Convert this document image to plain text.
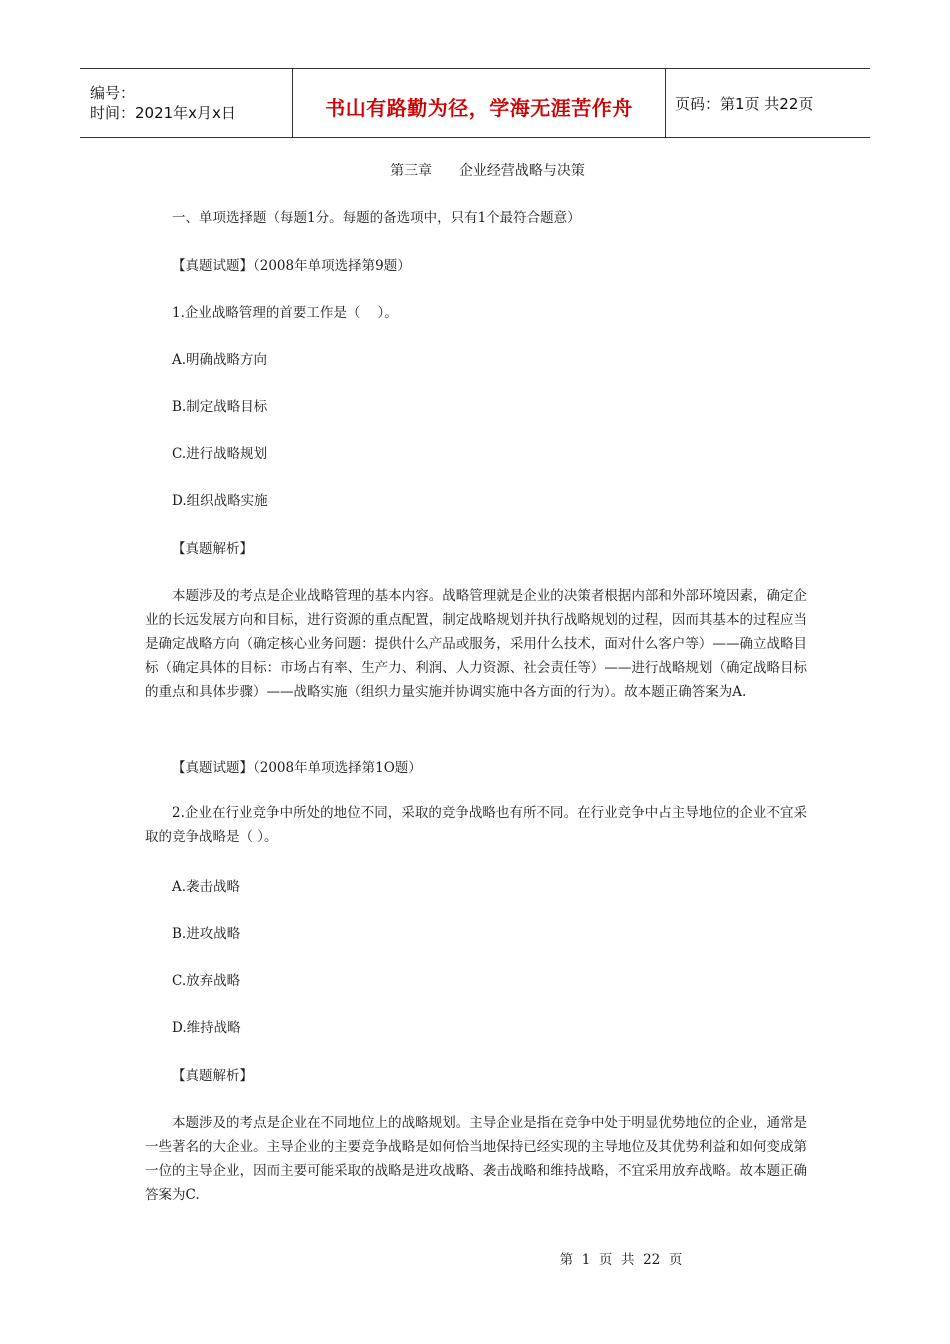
编号：
时间：2021年x月x日	书山有路勤为径，学海无涯苦作舟	页码：第1页 共22页
第三章      企业经营战略与决策
一、单项选择题（每题1分。每题的备选项中，只有1个最符合题意）
【真题试题】（2008年单项选择第9题）
1.企业战略管理的首要工作是（    ）。
A.明确战略方向
B.制定战略目标
C.进行战略规划
D.组织战略实施
【真题解析】
本题涉及的考点是企业战略管理的基本内容。战略管理就是企业的决策者根据内部和外部环境因素，确定企业的长远发展方向和目标，进行资源的重点配置，制定战略规划并执行战略规划的过程，因而其基本的过程应当是确定战略方向（确定核心业务问题：提供什么产品或服务，采用什么技术，面对什么客户等）——确立战略目标（确定具体的目标：市场占有率、生产力、利润、人力资源、社会责任等）——进行战略规划（确定战略目标的重点和具体步骤）——战略实施（组织力量实施并协调实施中各方面的行为）。故本题正确答案为A.
【真题试题】（2008年单项选择第1O题）
2.企业在行业竞争中所处的地位不同，采取的竞争战略也有所不同。在行业竞争中占主导地位的企业不宜采取的竞争战略是（ ）。
A.袭击战略
B.进攻战略
C.放弃战略
D.维持战略
【真题解析】
本题涉及的考点是企业在不同地位上的战略规划。主导企业是指在竞争中处于明显优势地位的企业，通常是一些著名的大企业。主导企业的主要竞争战略是如何恰当地保持已经实现的主导地位及其优势利益和如何变成第一位的主导企业，因而主要可能采取的战略是进攻战略、袭击战略和维持战略，不宜采用放弃战略。故本题正确答案为C.
第  1  页  共  22  页
